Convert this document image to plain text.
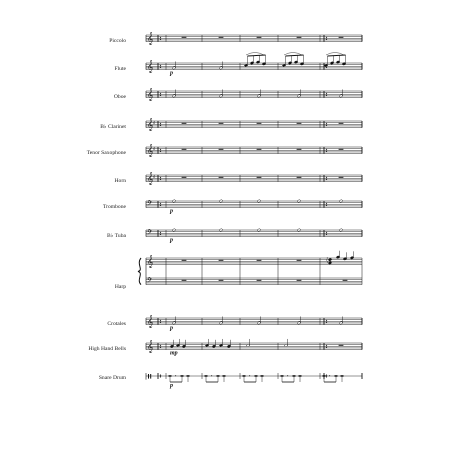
Piccolo 𝄞
Flute 𝄞
p
Oboe 𝄞
B♭ Clarinet 𝄞 ♯
Tenor Saxophone 𝄞 ♯
Horn 𝄞 ♯
Trombone	𝄢
p
B♭ Tuba	𝄢
p
Harp
𝄞
𝄢
Crotales 𝄞
p
High Hand Bells 𝄞
mp
Snare Drum	𝄾	𝄾	𝄾	𝄾	𝄾
p
